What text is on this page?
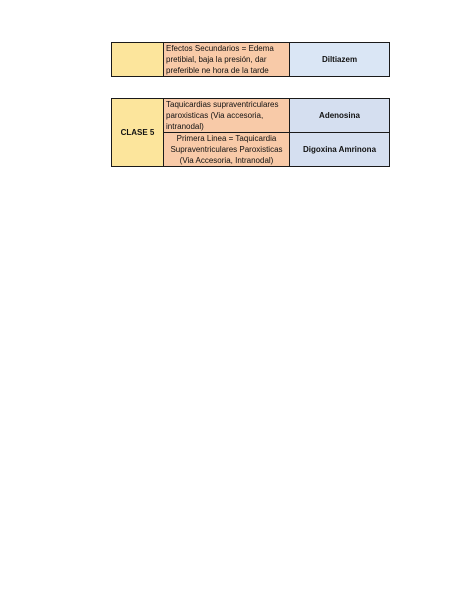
	Efectos Secundarios = Edema pretibial, baja la presión, dar preferible ne hora de la tarde	Diltiazem
CLASE 5	Taquicardias supraventriculares paroxisticas (Via accesoria, intranodal)	Adenosina
	Primera Linea = Taquicardia Supraventriculares Paroxisticas (Via Accesoria, Intranodal)	Digoxina Amrinona
